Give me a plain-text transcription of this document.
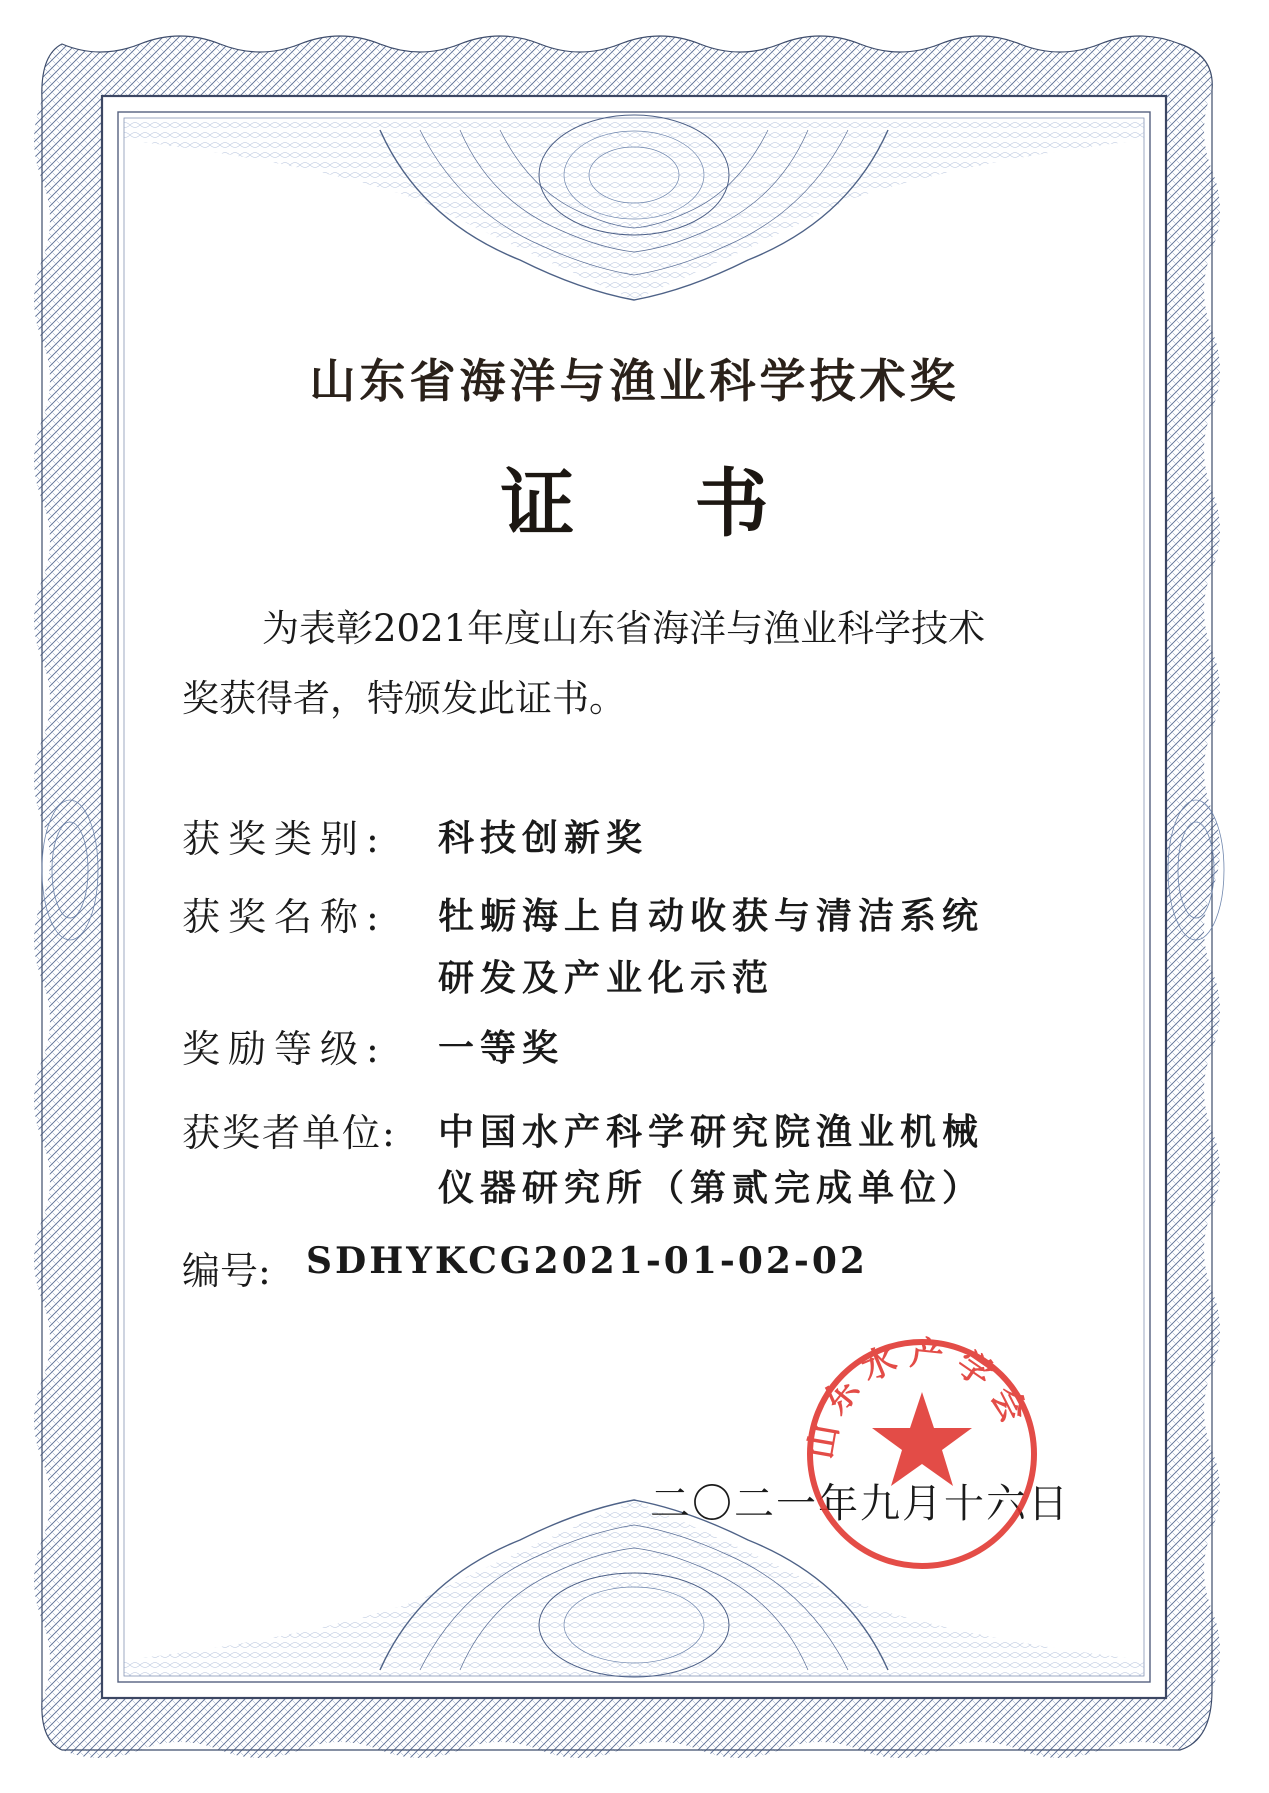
山东省海洋与渔业科学技术奖
证书
为表彰2021年度山东省海洋与渔业科学技术
奖获得者，特颁发此证书。
获奖类别: 科技创新奖
获奖名称: 牡蛎海上自动收获与清洁系统
研发及产业化示范
奖励等级: 一等奖
获奖者单位: 中国水产科学研究院渔业机械
仪器研究所（第贰完成单位）
编号: SDHYKCG2021-01-02-02
二〇二一年九月十六日
山东水产学会
